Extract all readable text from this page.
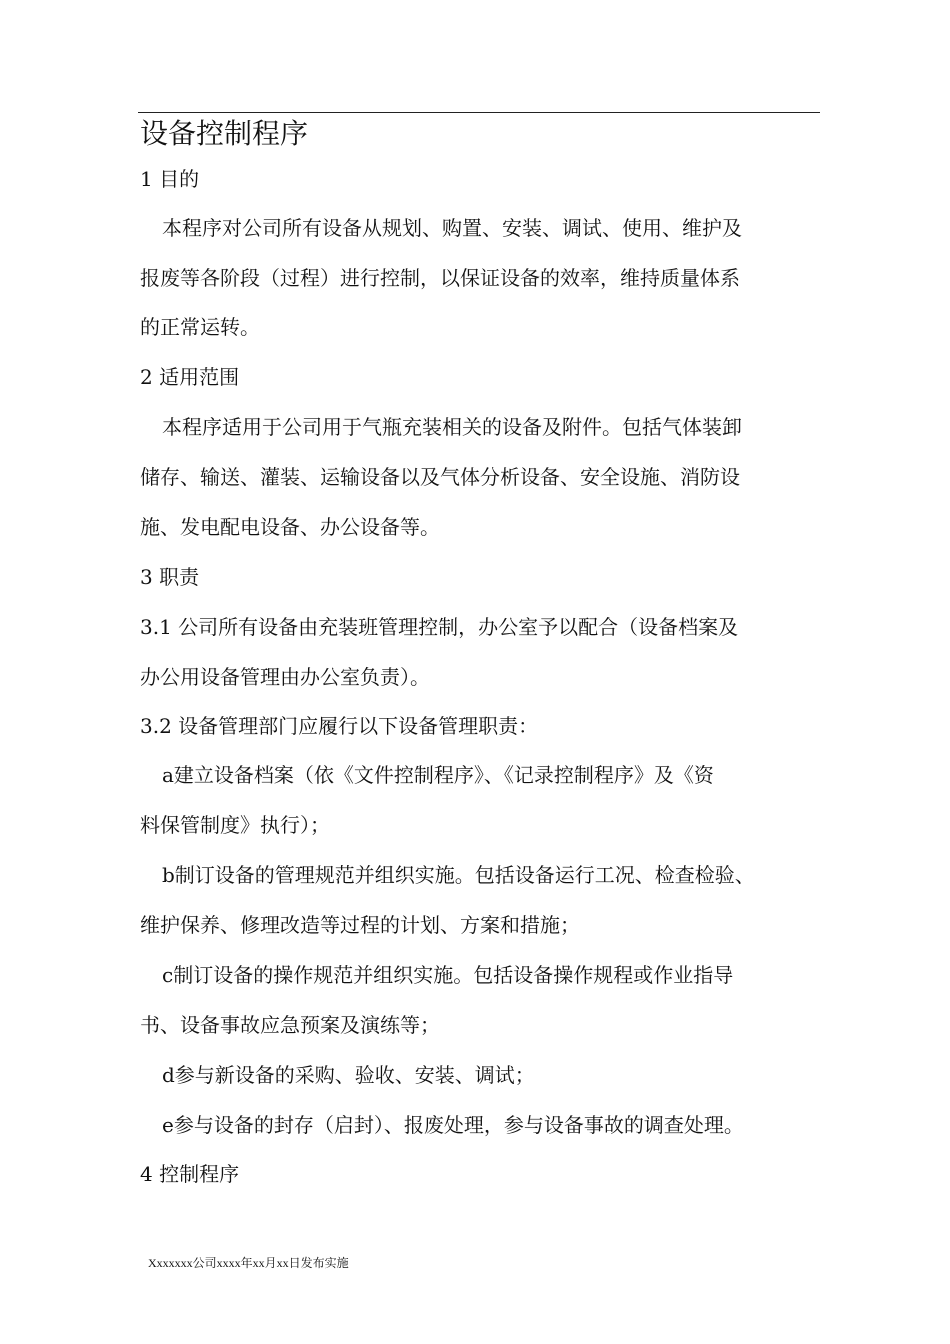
设备控制程序
1 目的
本程序对公司所有设备从规划、购置、安装、调试、使用、维护及
报废等各阶段（过程）进行控制，以保证设备的效率，维持质量体系
的正常运转。
2 适用范围
本程序适用于公司用于气瓶充装相关的设备及附件。包括气体装卸
储存、输送、灌装、运输设备以及气体分析设备、安全设施、消防设
施、发电配电设备、办公设备等。
3 职责
3.1 公司所有设备由充装班管理控制，办公室予以配合（设备档案及
办公用设备管理由办公室负责）。
3.2 设备管理部门应履行以下设备管理职责：
a建立设备档案（依《文件控制程序》、《记录控制程序》及《资
料保管制度》执行）；
b制订设备的管理规范并组织实施。包括设备运行工况、检查检验、
维护保养、修理改造等过程的计划、方案和措施；
c制订设备的操作规范并组织实施。包括设备操作规程或作业指导
书、设备事故应急预案及演练等；
d参与新设备的采购、验收、安装、调试；
e参与设备的封存（启封）、报废处理，参与设备事故的调查处理。
4 控制程序
Xxxxxxx公司xxxx年xx月xx日发布实施
